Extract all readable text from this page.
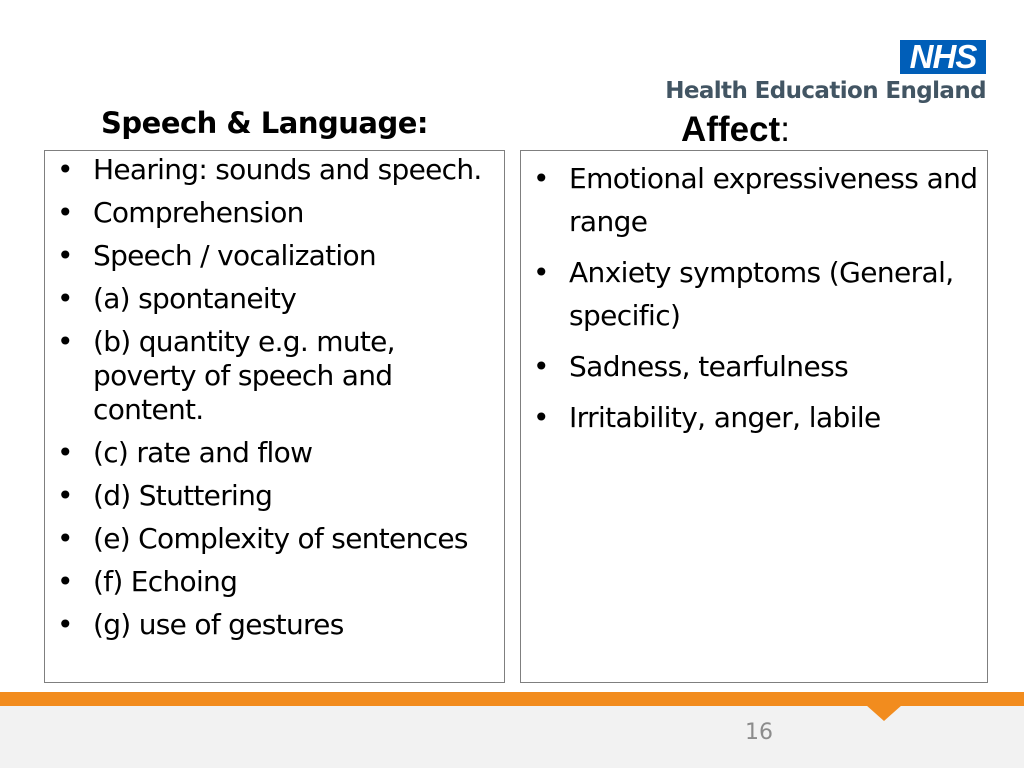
NHS
Health Education England
Speech & Language:	Affect:
• Hearing: sounds and speech.
• Comprehension
• Speech / vocalization
• (a) spontaneity
• (b) quantity e.g. mute, poverty of speech and content.
• (c) rate and flow
• (d) Stuttering
• (e) Complexity of sentences
• (f) Echoing
• (g) use of gestures
• Emotional expressiveness and range
• Anxiety symptoms (General, specific)
• Sadness, tearfulness
• Irritability, anger, labile
16
